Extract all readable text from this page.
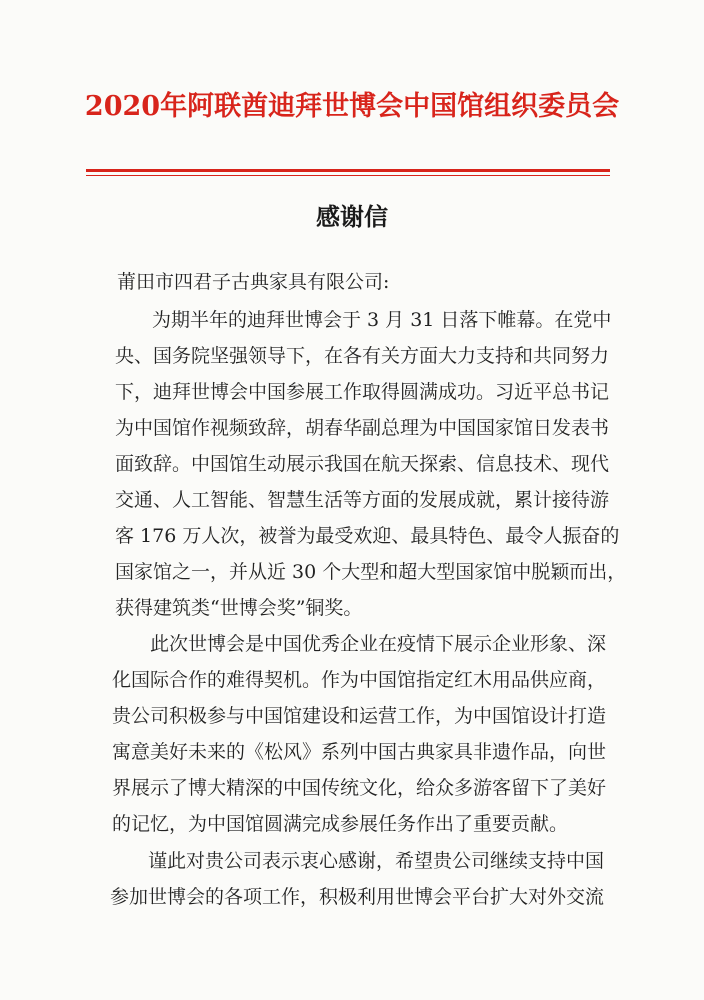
2020年阿联酋迪拜世博会中国馆组织委员会
感谢信
莆田市四君子古典家具有限公司:
为期半年的迪拜世博会于 3 月 31 日落下帷幕。在党中
央、国务院坚强领导下，在各有关方面大力支持和共同努力
下，迪拜世博会中国参展工作取得圆满成功。习近平总书记
为中国馆作视频致辞，胡春华副总理为中国国家馆日发表书
面致辞。中国馆生动展示我国在航天探索、信息技术、现代
交通、人工智能、智慧生活等方面的发展成就，累计接待游
客 176 万人次，被誉为最受欢迎、最具特色、最令人振奋的
国家馆之一，并从近 30 个大型和超大型国家馆中脱颖而出，
获得建筑类“世博会奖”铜奖。
此次世博会是中国优秀企业在疫情下展示企业形象、深
化国际合作的难得契机。作为中国馆指定红木用品供应商，
贵公司积极参与中国馆建设和运营工作，为中国馆设计打造
寓意美好未来的《松风》系列中国古典家具非遗作品，向世
界展示了博大精深的中国传统文化，给众多游客留下了美好
的记忆，为中国馆圆满完成参展任务作出了重要贡献。
谨此对贵公司表示衷心感谢，希望贵公司继续支持中国
参加世博会的各项工作，积极利用世博会平台扩大对外交流
